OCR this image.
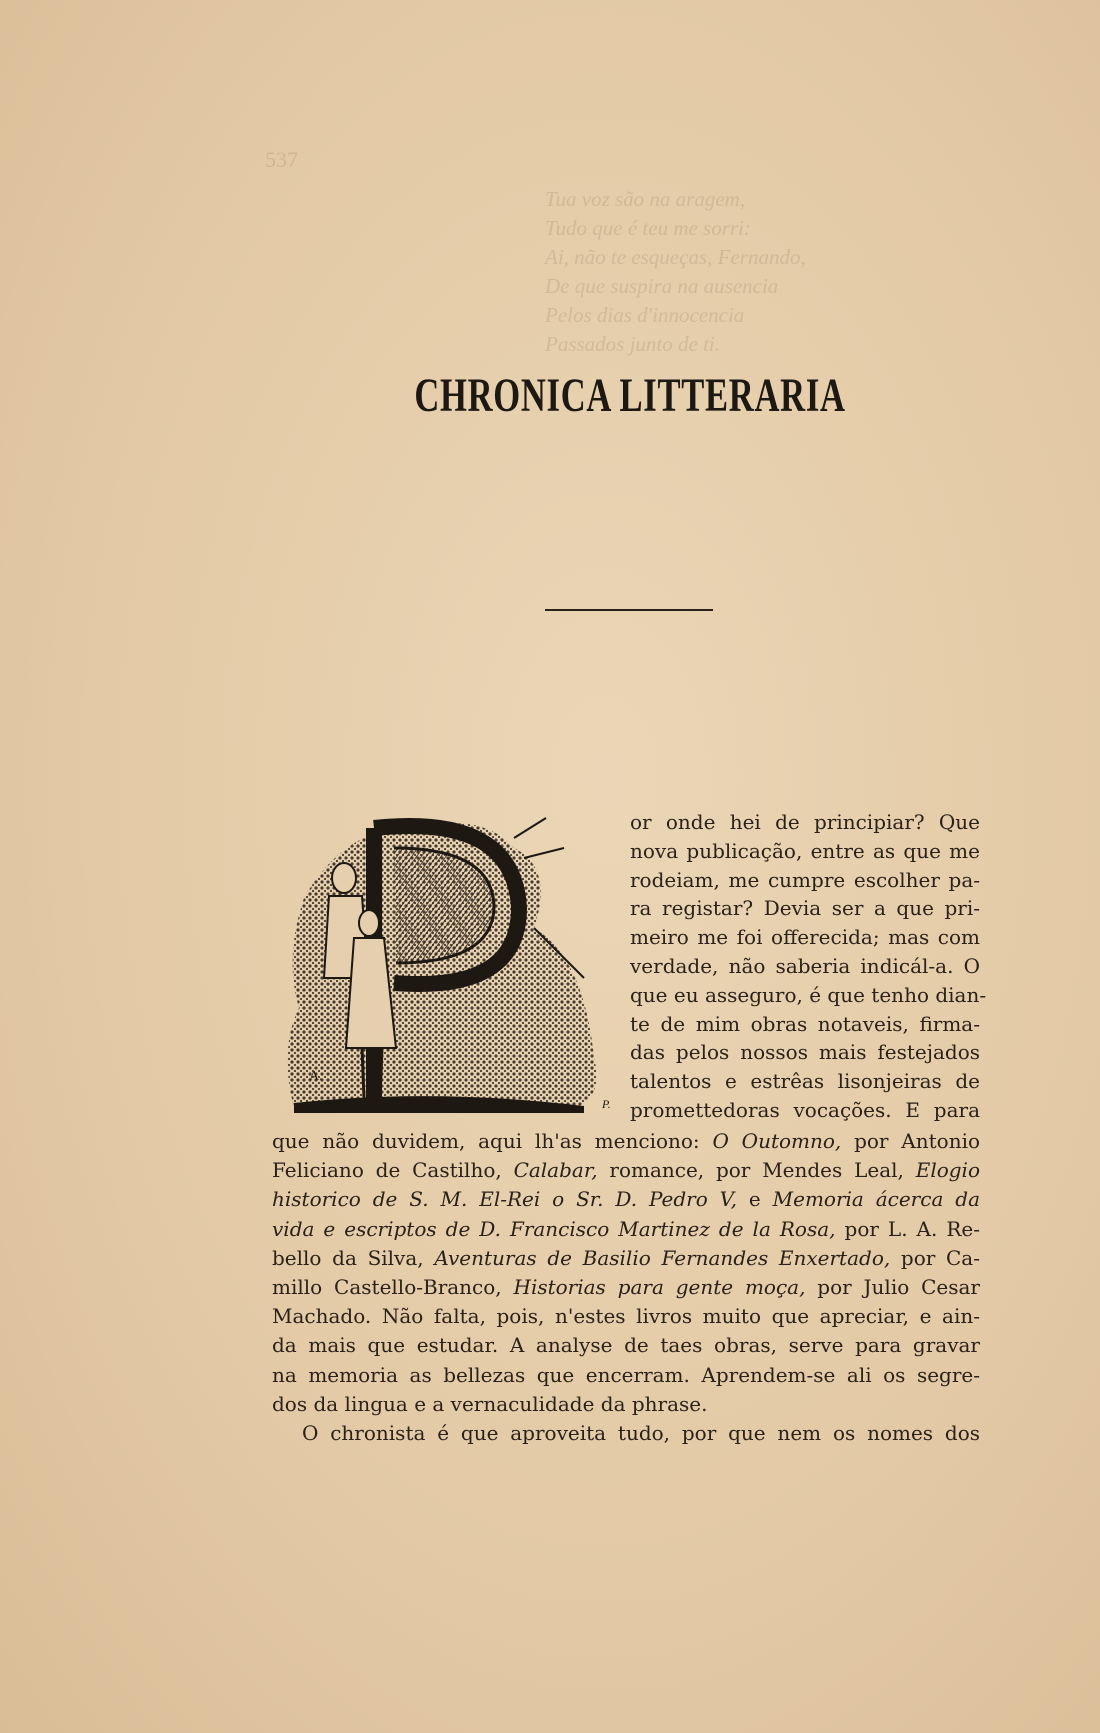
537
Tua voz são na aragem,
Tudo que é teu me sorri:
Ai, não te esqueças, Fernando,
De que suspira na ausencia
Pelos dias d'innocencia
Passados junto de ti.
CHRONICA LITTERARIA
A.
P.
or onde hei de principiar? Que
nova publicação, entre as que me
rodeiam, me cumpre escolher pa-
ra registar? Devia ser a que pri-
meiro me foi offerecida; mas com
verdade, não saberia indicál-a. O
que eu asseguro, é que tenho dian-
te de mim obras notaveis, firma-
das pelos nossos mais festejados
talentos e estrêas lisonjeiras de
promettedoras vocações. E para
que não duvidem, aqui lh'as menciono: O Outomno, por Antonio
Feliciano de Castilho, Calabar, romance, por Mendes Leal, Elogio
historico de S. M. El-Rei o Sr. D. Pedro V, e Memoria ácerca da
vida e escriptos de D. Francisco Martinez de la Rosa, por L. A. Re-
bello da Silva, Aventuras de Basilio Fernandes Enxertado, por Ca-
millo Castello-Branco, Historias para gente moça, por Julio Cesar
Machado. Não falta, pois, n'estes livros muito que apreciar, e ain-
da mais que estudar. A analyse de taes obras, serve para gravar
na memoria as bellezas que encerram. Aprendem-se ali os segre-
dos da lingua e a vernaculidade da phrase.
O chronista é que aproveita tudo, por que nem os nomes dos
